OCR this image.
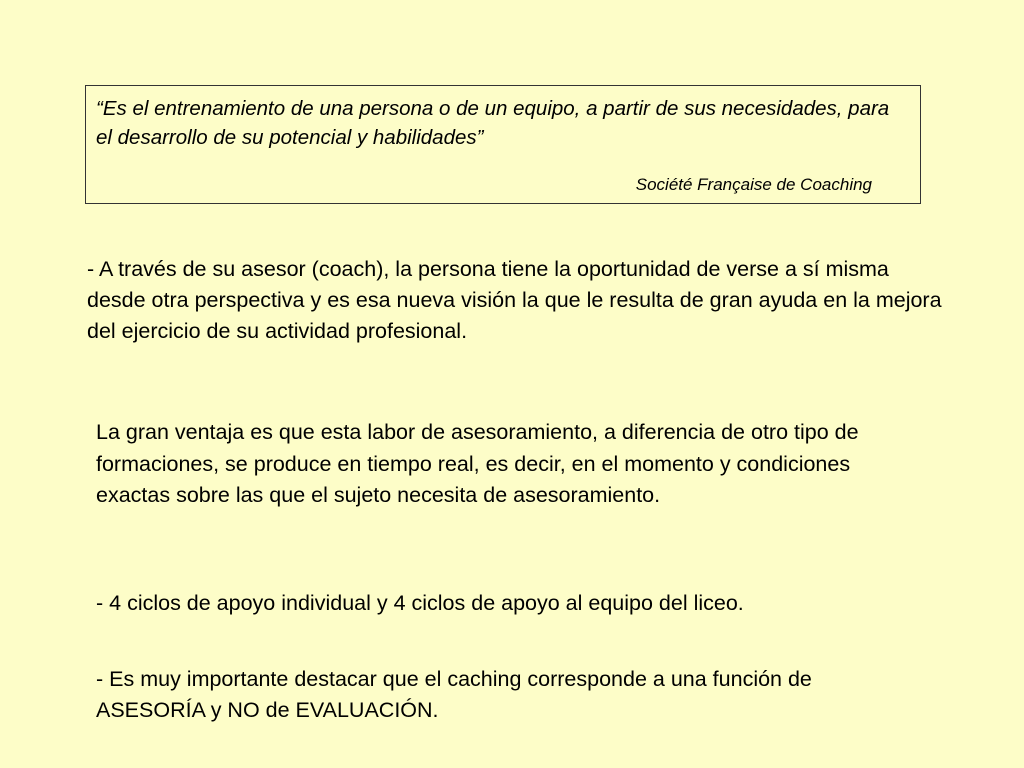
“Es el entrenamiento de una persona o de un equipo, a partir de sus necesidades, para el desarrollo de su potencial y habilidades”

Société Française de Coaching

- A través de su asesor (coach), la persona tiene la oportunidad de verse a sí misma desde otra perspectiva y es esa nueva visión la que le resulta de gran ayuda en la mejora del ejercicio de su actividad profesional.

La gran ventaja es que esta labor de asesoramiento, a diferencia de otro tipo de formaciones, se produce en tiempo real, es decir, en el momento y condiciones exactas sobre las que el sujeto necesita de asesoramiento.

- 4 ciclos de apoyo individual y 4 ciclos de apoyo al equipo del liceo.

- Es muy importante destacar que el caching corresponde a una función de ASESORÍA y NO de EVALUACIÓN.
